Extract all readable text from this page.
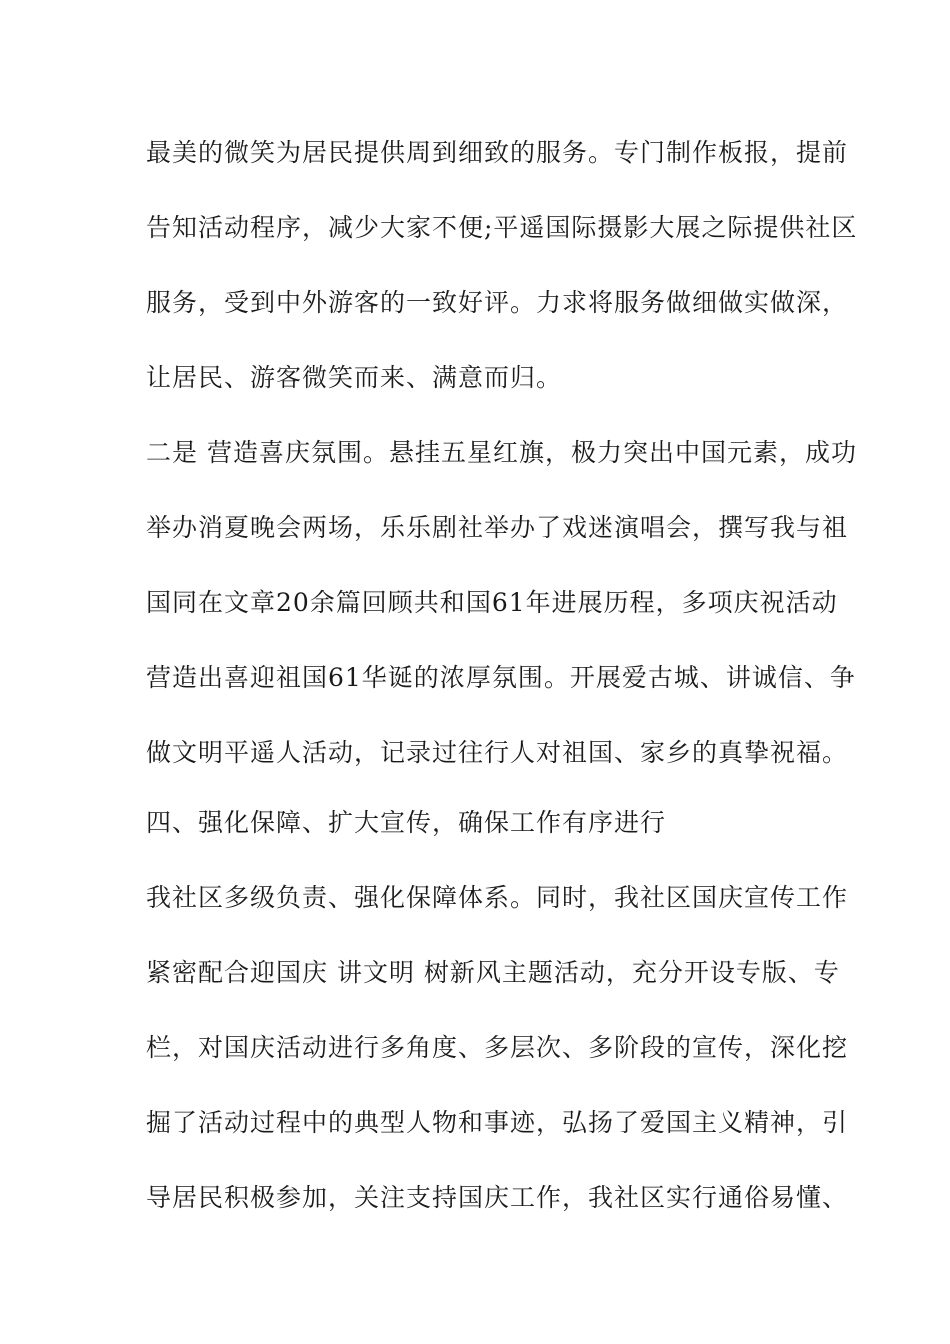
最美的微笑为居民提供周到细致的服务。专门制作板报，提前
告知活动程序，减少大家不便;平遥国际摄影大展之际提供社区
服务，受到中外游客的一致好评。力求将服务做细做实做深，
让居民、游客微笑而来、满意而归。
二是 营造喜庆氛围。悬挂五星红旗，极力突出中国元素，成功
举办消夏晚会两场，乐乐剧社举办了戏迷演唱会，撰写我与祖
国同在文章20余篇回顾共和国61年进展历程，多项庆祝活动
营造出喜迎祖国61华诞的浓厚氛围。开展爱古城、讲诚信、争
做文明平遥人活动，记录过往行人对祖国、家乡的真挚祝福。
四、强化保障、扩大宣传，确保工作有序进行
我社区多级负责、强化保障体系。同时，我社区国庆宣传工作
紧密配合迎国庆 讲文明 树新风主题活动，充分开设专版、专
栏，对国庆活动进行多角度、多层次、多阶段的宣传，深化挖
掘了活动过程中的典型人物和事迹，弘扬了爱国主义精神，引
导居民积极参加，关注支持国庆工作，我社区实行通俗易懂、
